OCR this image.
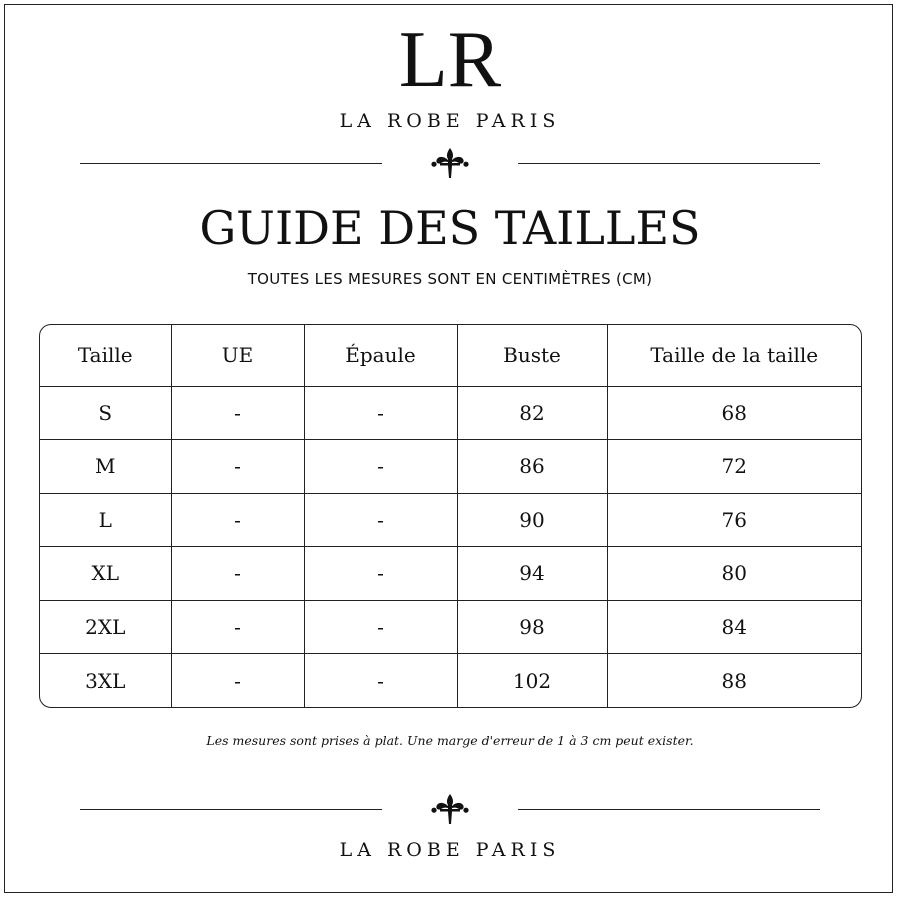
LR
LA ROBE PARIS
GUIDE DES TAILLES
TOUTES LES MESURES SONT EN CENTIMÈTRES (CM)
Taille	UE	Épaule	Buste	Taille de la taille
S	-	-	82	68
M	-	-	86	72
L	-	-	90	76
XL	-	-	94	80
2XL	-	-	98	84
3XL	-	-	102	88
Les mesures sont prises à plat. Une marge d'erreur de 1 à 3 cm peut exister.
LA ROBE PARIS
